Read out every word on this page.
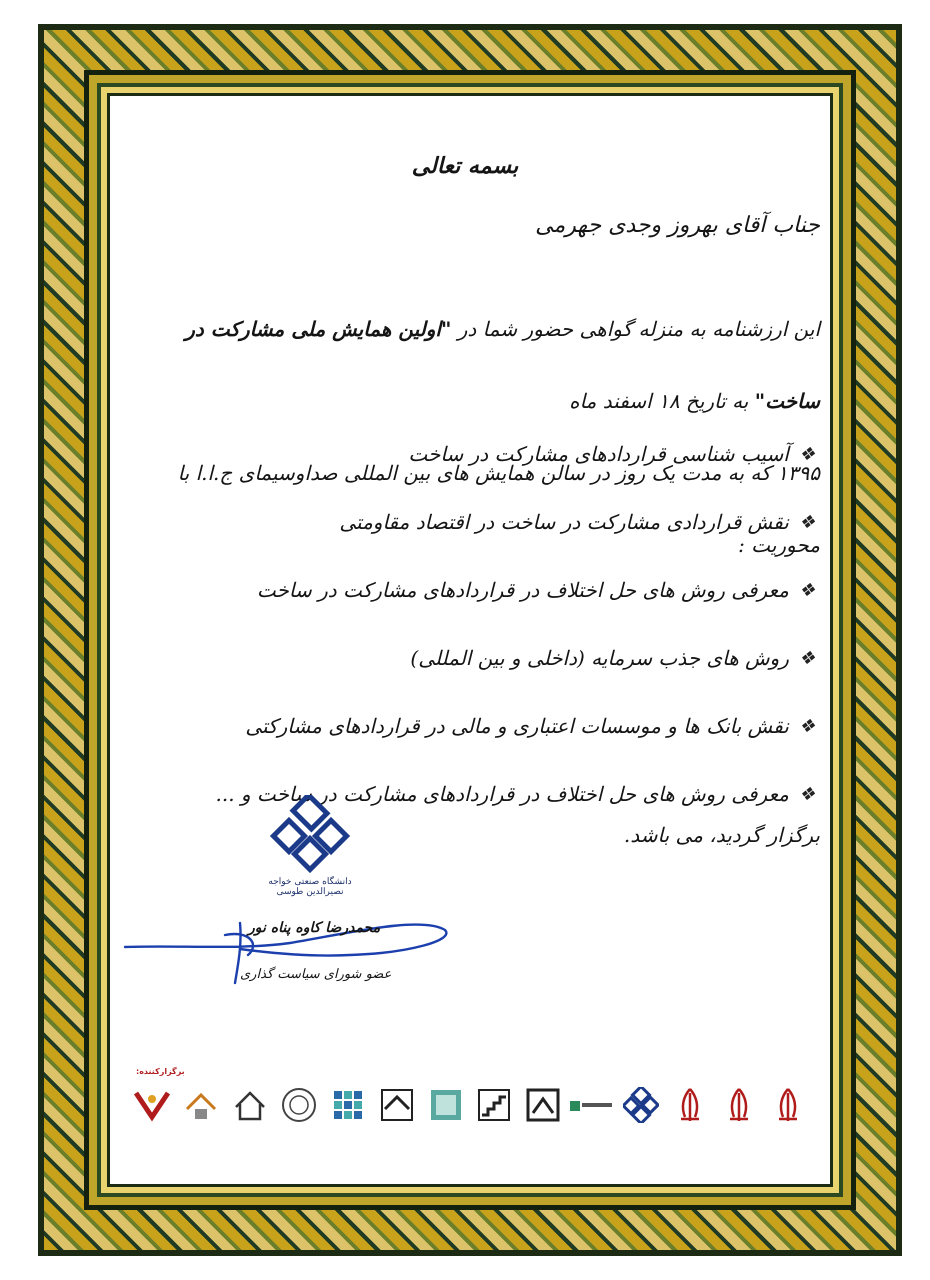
بسمه تعالی
جناب آقای بهروز وجدی جهرمی
این ارزشنامه به منزله گواهی حضور شما در "اولین همایش ملی مشارکت در ساخت" به تاریخ ۱۸ اسفند ماه
۱۳۹۵ که به مدت یک روز در سالن همایش های بین المللی صداوسیمای ج.ا.ا با محوریت :
❖
آسیب شناسی قراردادهای مشارکت در ساخت
❖
نقش قراردادی مشارکت در ساخت در اقتصاد مقاومتی
❖
معرفی روش های حل اختلاف در قراردادهای مشارکت در ساخت
❖
روش های جذب سرمایه (داخلی و بین المللی)
❖
نقش بانک ها و موسسات اعتباری و مالی در قراردادهای مشارکتی
❖
معرفی روش های حل اختلاف در قراردادهای مشارکت در ساخت و ...
برگزار گردید، می باشد.
دانشگاه صنعتی خواجه نصیرالدین طوسی
محمدرضا کاوه پناه نور
عضو شورای سیاست گذاری
برگزارکننده:
